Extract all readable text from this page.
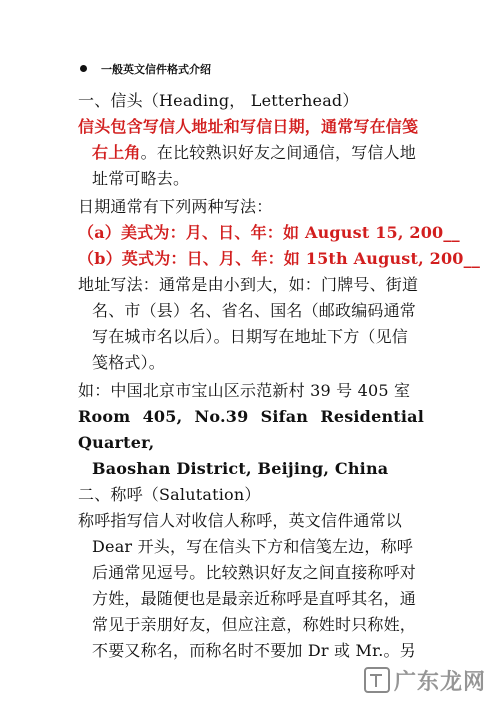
一般英文信件格式介绍
一、信头（Heading， Letterhead）
信头包含写信人地址和写信日期，通常写在信笺
右上角。在比较熟识好友之间通信，写信人地
址常可略去。
日期通常有下列两种写法：
（a）美式为：月、日、年：如 August 15, 200__
（b）英式为：日、月、年：如 15th August, 200__
地址写法：通常是由小到大，如：门牌号、街道
名、市（县）名、省名、国名（邮政编码通常
写在城市名以后）。日期写在地址下方（见信
笺格式）。
如：中国北京市宝山区示范新村 39 号 405 室
Room 405, No.39 Sifan Residential Quarter,
Baoshan District, Beijing, China
二、称呼（Salutation）
称呼指写信人对收信人称呼，英文信件通常以
Dear 开头，写在信头下方和信笺左边，称呼
后通常见逗号。比较熟识好友之间直接称呼对
方姓，最随便也是最亲近称呼是直呼其名，通
常见于亲朋好友，但应注意，称姓时只称姓，
不要又称名，而称名时不要加 Dr 或 Mr.。另
广东龙网
